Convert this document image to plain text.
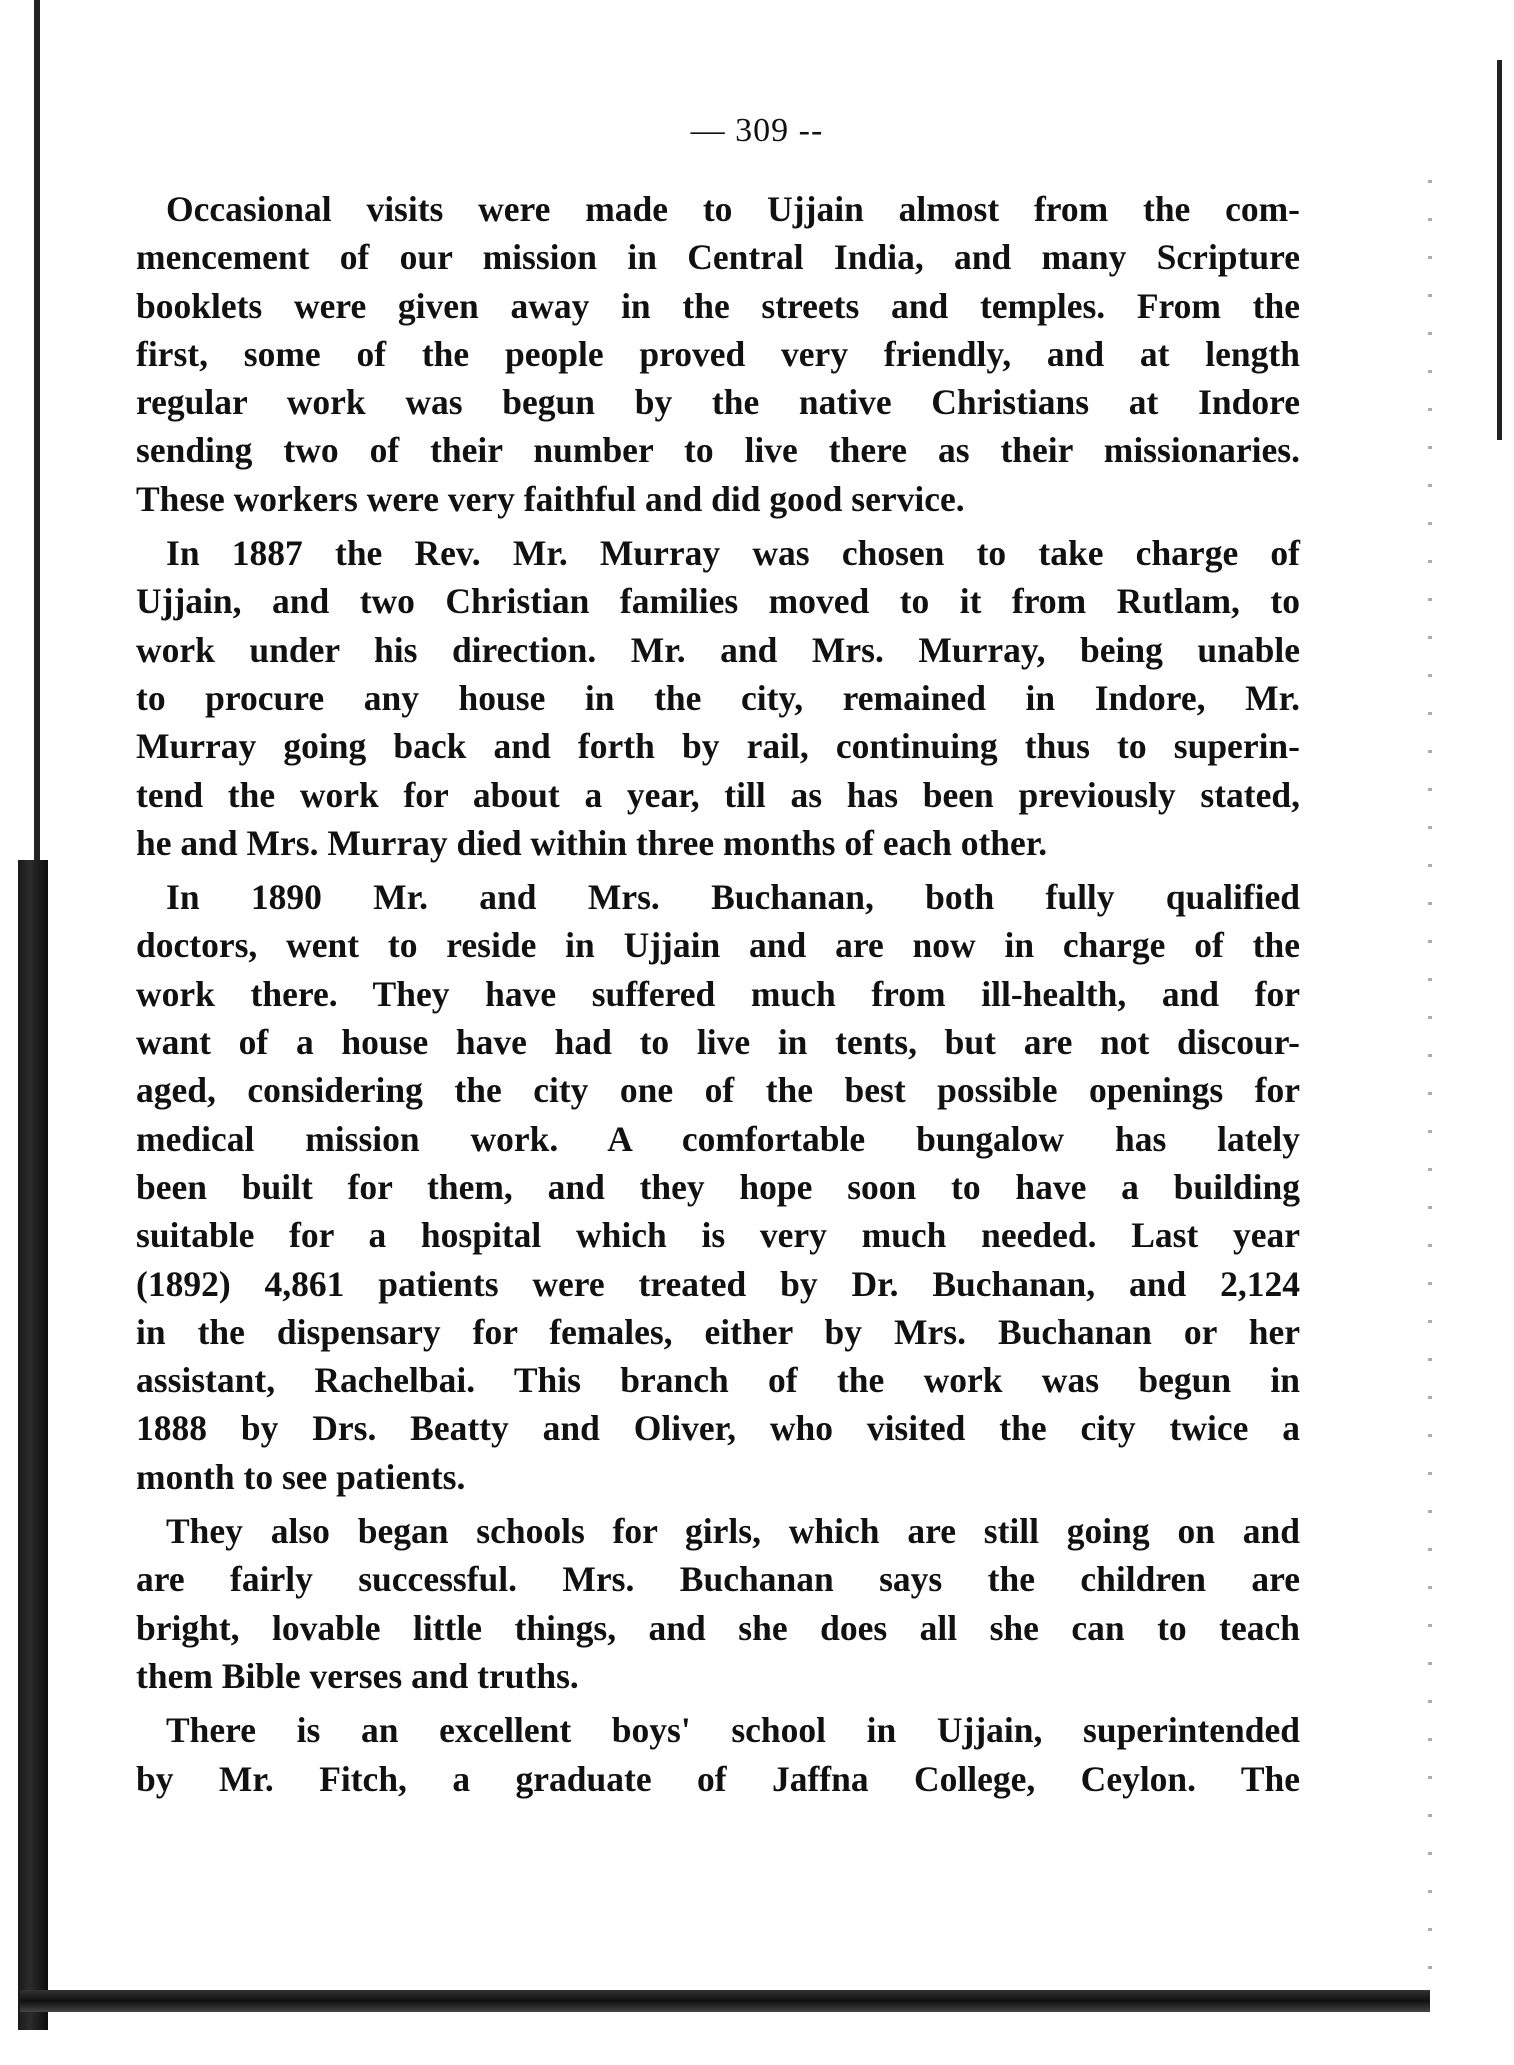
— 309 --
Occasional visits were made to Ujjain almost from the com-
mencement of our mission in Central India, and many Scripture
booklets were given away in the streets and temples. From the
first, some of the people proved very friendly, and at length
regular work was begun by the native Christians at Indore
sending two of their number to live there as their missionaries.
These workers were very faithful and did good service.
In 1887 the Rev. Mr. Murray was chosen to take charge of
Ujjain, and two Christian families moved to it from Rutlam, to
work under his direction. Mr. and Mrs. Murray, being unable
to procure any house in the city, remained in Indore, Mr.
Murray going back and forth by rail, continuing thus to superin-
tend the work for about a year, till as has been previously stated,
he and Mrs. Murray died within three months of each other.
In 1890 Mr. and Mrs. Buchanan, both fully qualified
doctors, went to reside in Ujjain and are now in charge of the
work there. They have suffered much from ill-health, and for
want of a house have had to live in tents, but are not discour-
aged, considering the city one of the best possible openings for
medical mission work. A comfortable bungalow has lately
been built for them, and they hope soon to have a building
suitable for a hospital which is very much needed. Last year
(1892) 4,861 patients were treated by Dr. Buchanan, and 2,124
in the dispensary for females, either by Mrs. Buchanan or her
assistant, Rachelbai. This branch of the work was begun in
1888 by Drs. Beatty and Oliver, who visited the city twice a
month to see patients.
They also began schools for girls, which are still going on and
are fairly successful. Mrs. Buchanan says the children are
bright, lovable little things, and she does all she can to teach
them Bible verses and truths.
There is an excellent boys' school in Ujjain, superintended
by Mr. Fitch, a graduate of Jaffna College, Ceylon. The
